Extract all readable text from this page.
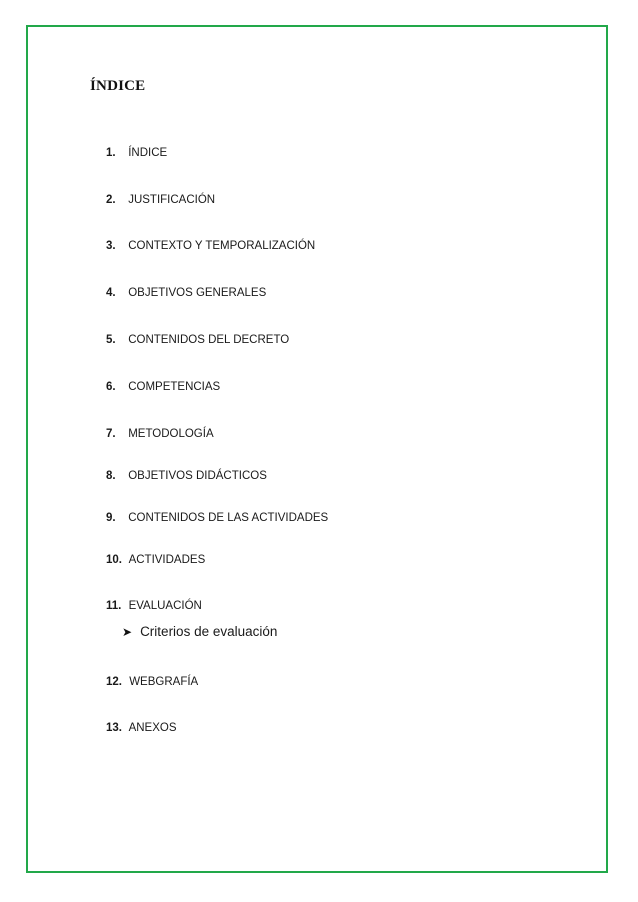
ÍNDICE
1. ÍNDICE
2. JUSTIFICACIÓN
3. CONTEXTO Y TEMPORALIZACIÓN
4. OBJETIVOS GENERALES
5. CONTENIDOS DEL DECRETO
6. COMPETENCIAS
7. METODOLOGÍA
8. OBJETIVOS DIDÁCTICOS
9. CONTENIDOS DE LAS ACTIVIDADES
10. ACTIVIDADES
11. EVALUACIÓN
➤ Criterios de evaluación
12. WEBGRAFÍA
13. ANEXOS
